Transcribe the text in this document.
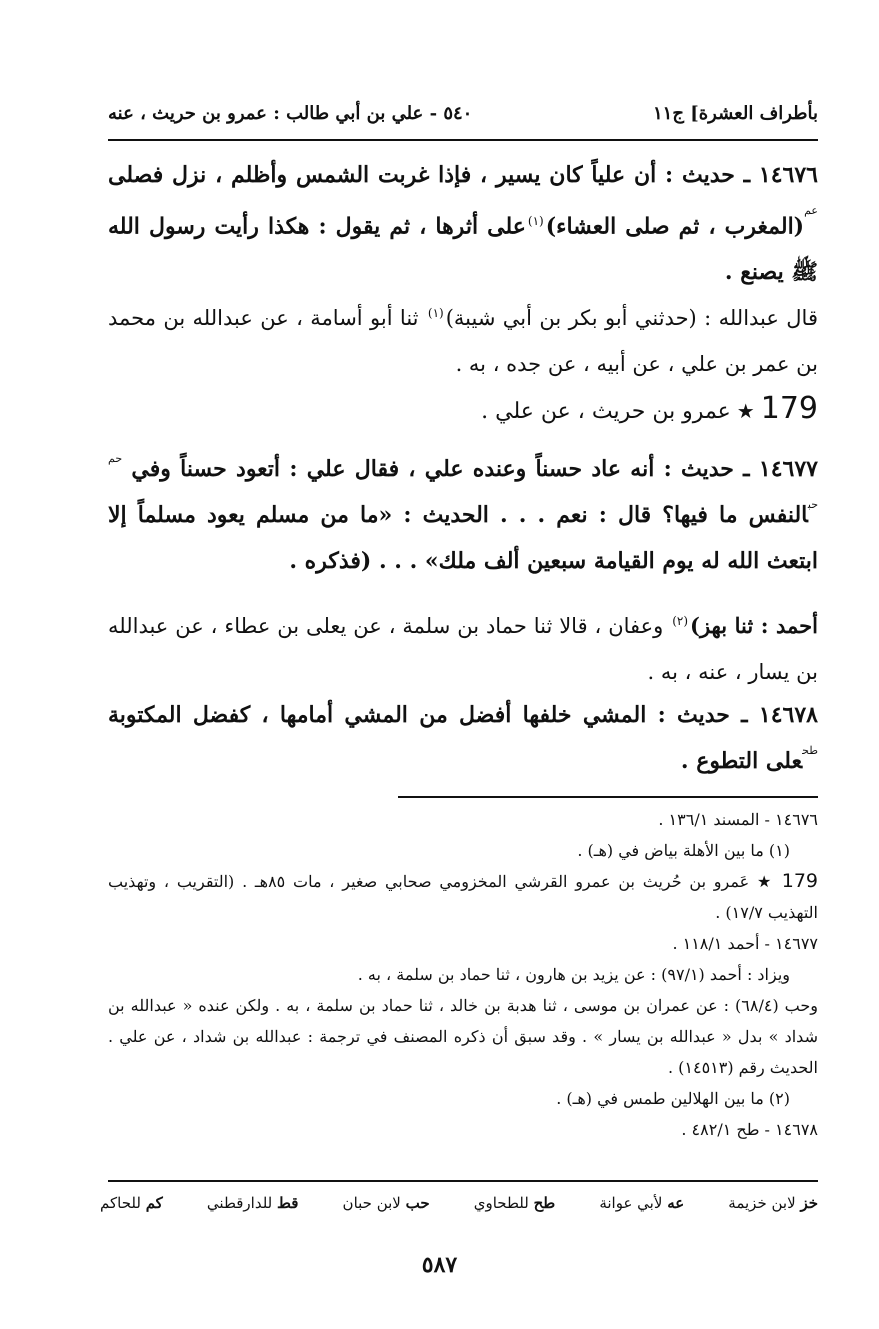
بأطراف العشرة] ج١١
٥٤٠ - علي بن أبي طالب : عمرو بن حريث ، عنه

١٤٦٧٦ ـ حديث : أن علياً كان يسير ، فإذا غربت الشمس وأظلم ، نزل فصلى $^{عم}$(المغرب ، ثم صلى العشاء)$^{(١)}$على أثرها ، ثم يقول : هكذا رأيت رسول الله ﷺ يصنع .

قال عبدالله : (حدثني أبو بكر بن أبي شيبة)$^{(١)}$ ثنا أبو أسامة ، عن عبدالله بن محمد بن عمر بن علي ، عن أبيه ، عن جده ، به .

179★عمرو بن حريث ، عن علي .

١٤٦٧٧ ـ حديث : أنه عاد حسناً وعنده علي ، فقال علي : أتعود حسناً وفي $^{حم حب}$النفس ما فيها؟ قال : نعم . . . الحديث : «ما من مسلم يعود مسلماً إلا ابتعث الله له يوم القيامة سبعين ألف ملك» . . . (فذكره .

أحمد : ثنا بهز)$^{(٢)}$ وعفان ، قالا ثنا حماد بن سلمة ، عن يعلى بن عطاء ، عن عبدالله بن يسار ، عنه ، به .

١٤٦٧٨ ـ حديث : المشي خلفها أفضل من المشي أمامها ، كفضل المكتوبة $^{طح}$على التطوع .

١٤٦٧٦ - المسند ١٣٦/١ .
(١) ما بين الأهلة بياض في (هـ) .
179 ★ عَمرو بن حُريث بن عمرو القرشي المخزومي صحابي صغير ، مات ٨٥هـ . (التقريب ، وتهذيب التهذيب ١٧/٧) .
١٤٦٧٧ - أحمد ١١٨/١ .
ويزاد : أحمد (٩٧/١) : عن يزيد بن هارون ، ثنا حماد بن سلمة ، به .
وحب (٦٨/٤) : عن عمران بن موسى ، ثنا هدبة بن خالد ، ثنا حماد بن سلمة ، به . ولكن عنده « عبدالله بن شداد » بدل « عبدالله بن يسار » . وقد سبق أن ذكره المصنف في ترجمة : عبدالله بن شداد ، عن علي . الحديث رقم (١٤٥١٣) .
(٢) ما بين الهلالين طمس في (هـ) .
١٤٦٧٨ - طح ٤٨٢/١ .
خز لابن خزيمة
عه لأبي عوانة
طح للطحاوي
حب لابن حبان
قط للدارقطني
كم للحاكم
٥٨٧
